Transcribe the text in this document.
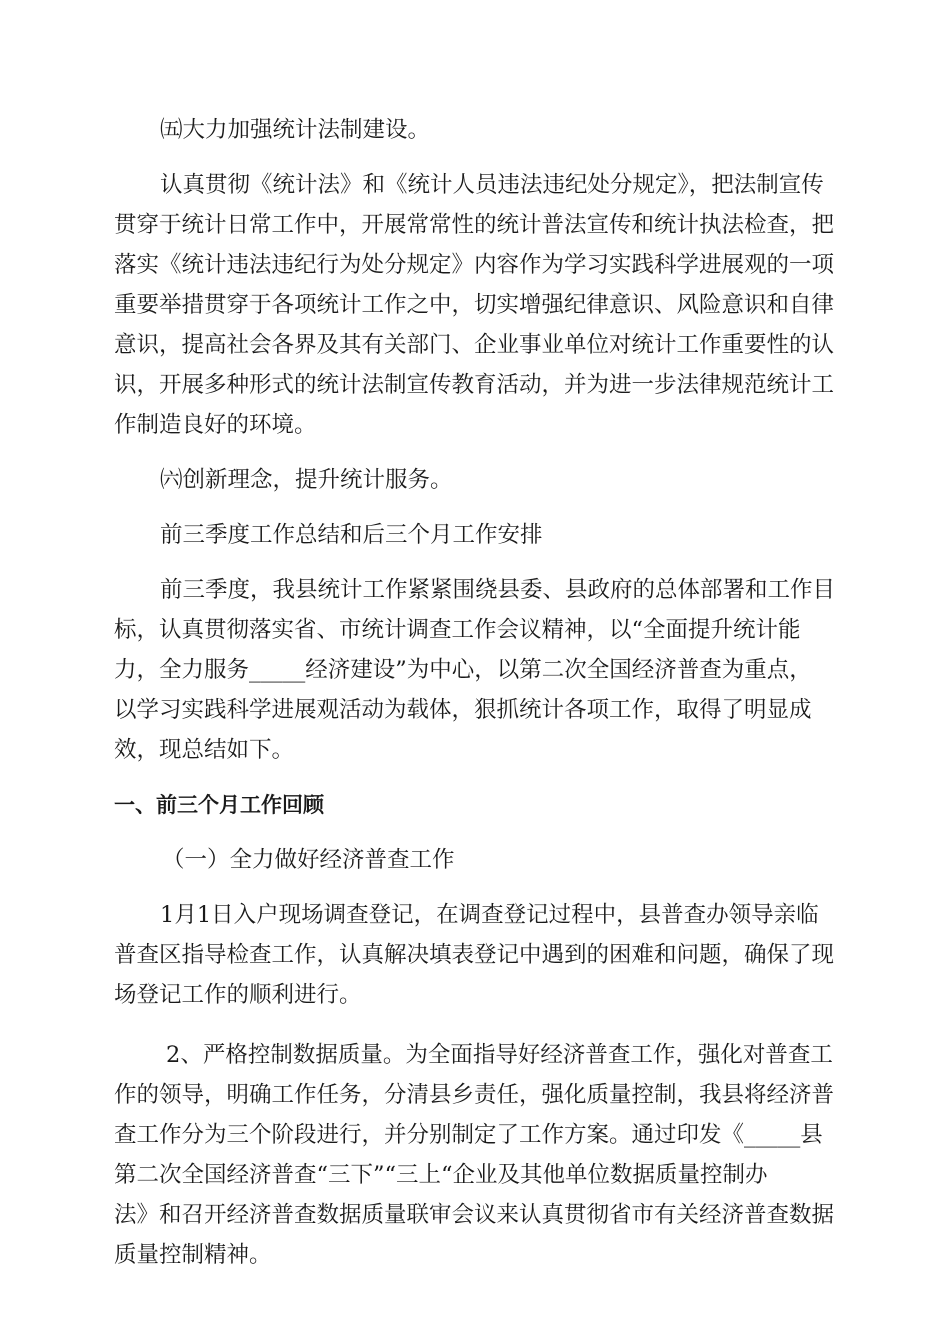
㈤大力加强统计法制建设。

认真贯彻《统计法》和《统计人员违法违纪处分规定》，把法制宣传

贯穿于统计日常工作中，开展常常性的统计普法宣传和统计执法检查，把

落实《统计违法违纪行为处分规定》内容作为学习实践科学进展观的一项

重要举措贯穿于各项统计工作之中，切实增强纪律意识、风险意识和自律

意识，提高社会各界及其有关部门、企业事业单位对统计工作重要性的认

识，开展多种形式的统计法制宣传教育活动，并为进一步法律规范统计工

作制造良好的环境。

㈥创新理念，提升统计服务。

前三季度工作总结和后三个月工作安排

前三季度，我县统计工作紧紧围绕县委、县政府的总体部署和工作目

标，认真贯彻落实省、市统计调查工作会议精神，以“全面提升统计能

力，全力服务_____经济建设”为中心，以第二次全国经济普查为重点，

以学习实践科学进展观活动为载体，狠抓统计各项工作，取得了明显成

效，现总结如下。

一、前三个月工作回顾

（一）全力做好经济普查工作

1月1日入户现场调查登记，在调查登记过程中，县普查办领导亲临

普查区指导检查工作，认真解决填表登记中遇到的困难和问题，确保了现

场登记工作的顺利进行。

2、严格控制数据质量。为全面指导好经济普查工作，强化对普查工

作的领导，明确工作任务，分清县乡责任，强化质量控制，我县将经济普

查工作分为三个阶段进行，并分别制定了工作方案。通过印发《_____县

第二次全国经济普查“三下”“三上“企业及其他单位数据质量控制办

法》和召开经济普查数据质量联审会议来认真贯彻省市有关经济普查数据

质量控制精神。
